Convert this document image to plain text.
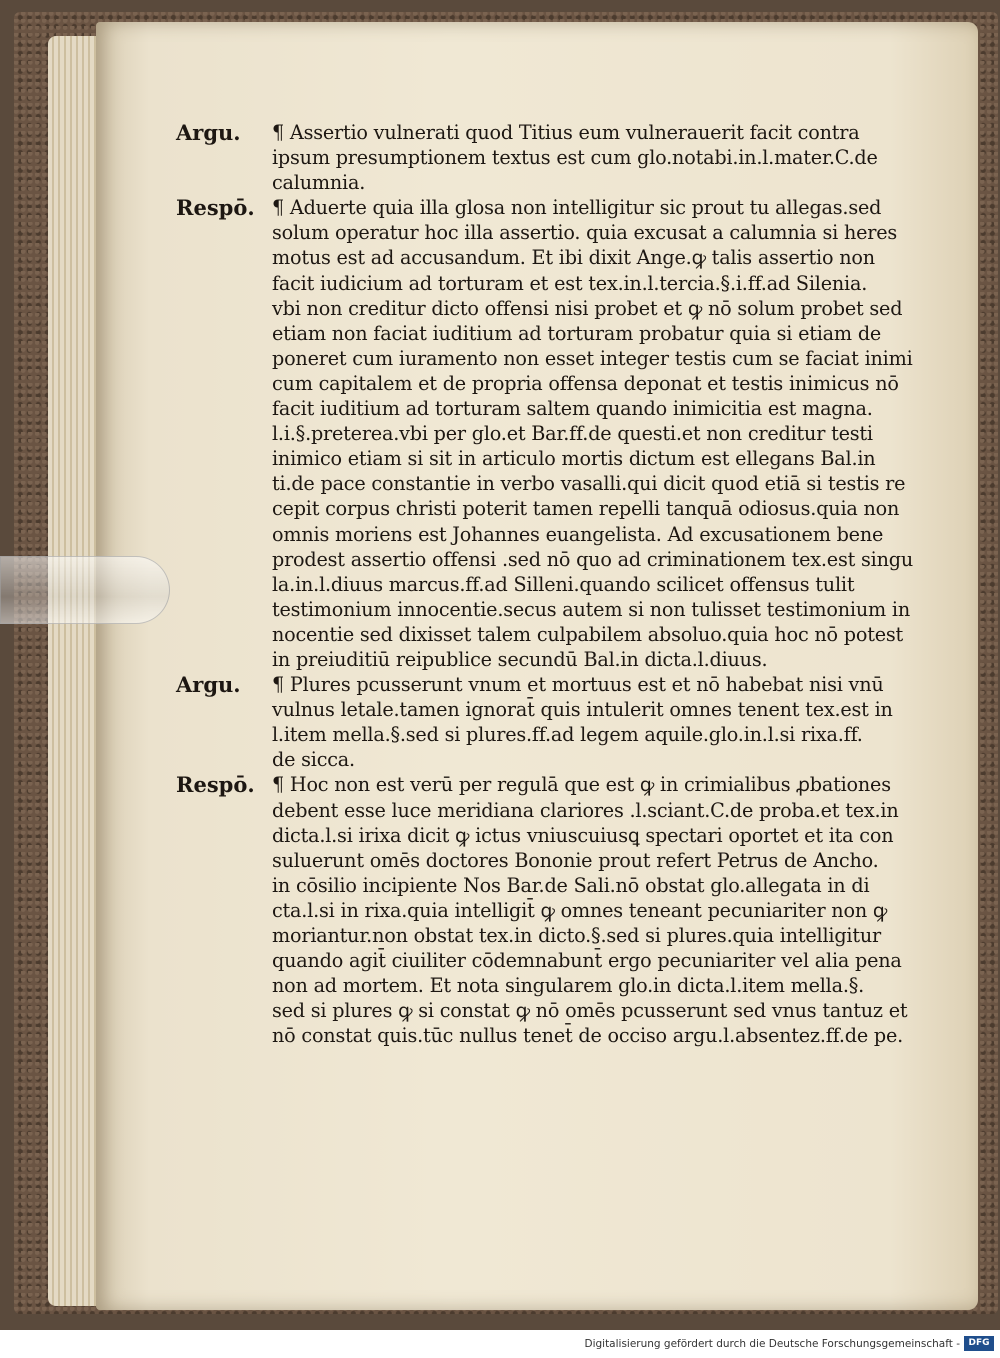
Argu.	¶ Assertio vulnerati quod Titius eum vulnerauerit facit contra
ipsum presumptionem textus est cum glo.notabi.in.l.mater.C.de
calumnia.

Respō. ¶ Aduerte quia illa glosa non intelligitur sic prout tu allegas.sed
solum operatur hoc illa assertio. quia excusat a calumnia si heres
motus est ad accusandum. Et ibi dixit Ange.ꝙ talis assertio non
facit iudicium ad torturam et est tex.in.l.tercia.§.i.ff.ad Silenia.
vbi non creditur dicto offensi nisi probet et ꝙ nō solum probet sed
etiam non faciat iuditium ad torturam probatur quia si etiam de
poneret cum iuramento non esset integer testis cum se faciat inimi
cum capitalem et de propria offensa deponat et testis inimicus nō
facit iuditium ad torturam saltem quando inimicitia est magna.
l.i.§.preterea.vbi per glo.et Bar.ff.de questi.et non creditur testi
inimico etiam si sit in articulo mortis dictum est ellegans Bal.in
ti.de pace constantie in verbo vasalli.qui dicit quod etiā si testis re
cepit corpus christi poterit tamen repelli tanquā odiosus.quia non
omnis moriens est Johannes euangelista. Ad excusationem bene
prodest assertio offensi .sed nō quo ad criminationem tex.est singu
la.in.l.diuus marcus.ff.ad Silleni.quando scilicet offensus tulit
testimonium innocentie.secus autem si non tulisset testimonium in
nocentie sed dixisset talem culpabilem absoluo.quia hoc nō potest
in preiuditiū reipublice secundū Bal.in dicta.l.diuus.

Argu.	¶ Plures pcusserunt vnum et mortuus est et nō habebat nisi vnū
vulnus letale.tamen ignorat̄ quis intulerit omnes tenent tex.est in
l.item mella.§.sed si plures.ff.ad legem aquile.glo.in.l.si rixa.ff.
de sicca.

Respō. ¶ Hoc non est verū per regulā que est ꝙ in crimialibus ꝓbationes
debent esse luce meridiana clariores .l.sciant.C.de proba.et tex.in
dicta.l.si irixa dicit ꝙ ictus vniuscuiusꝗ spectari oportet et ita con
suluerunt omēs doctores Bononie prout refert Petrus de Ancho.
in cōsilio incipiente Nos Bar.de Sali.nō obstat glo.allegata in di
cta.l.si in rixa.quia intelligit̄ ꝙ omnes teneant pecuniariter non ꝙ
moriantur.non obstat tex.in dicto.§.sed si plures.quia intelligitur
quando agit̄ ciuiliter cōdemnabunt̄ ergo pecuniariter vel alia pena
non ad mortem. Et nota singularem glo.in dicta.l.item mella.§.
sed si plures ꝙ si constat ꝙ nō omēs pcusserunt sed vnus tantuz et
nō constat quis.tūc nullus tenet̄ de occiso argu.l.absentez.ff.de pe.

Digitalisierung gefördert durch die Deutsche Forschungsgemeinschaft - DFG
